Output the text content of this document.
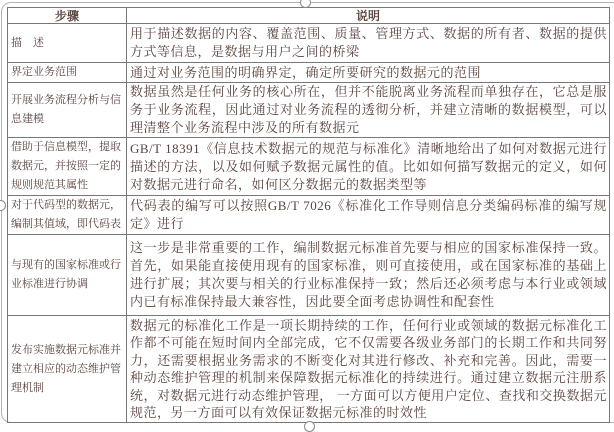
步骤	说明
描　述	用于描述数据的内容、覆盖范围、质量、管理方式、数据的所有者、数据的提供方式等信息，是数据与用户之间的桥梁
界定业务范围	通过对业务范围的明确界定，确定所要研究的数据元的范围
开展业务流程分析与信息建模	数据虽然是任何业务的核心所在，但并不能脱离业务流程而单独存在，它总是服务于业务流程，因此通过对业务流程的透彻分析，并建立清晰的数据模型，可以理清整个业务流程中涉及的所有数据元
借助于信息模型，提取数据元，并按照一定的规则规范其属性	GB/T 18391《信息技术数据元的规范与标准化》清晰地给出了如何对数据元进行描述的方法，以及如何赋予数据元属性的值。比如如何描写数据元的定义，如何对数据元进行命名，如何区分数据元的数据类型等
对于代码型的数据元，编制其值域，即代码表	代码表的编写可以按照GB/T 7026《标准化工作导则信息分类编码标准的编写规定》进行
与现有的国家标准或行业标准进行协调	这一步是非常重要的工作，编制数据元标准首先要与相应的国家标准保持一致。首先，如果能直接使用现有的国家标准，则可直接使用，或在国家标准的基础上进行扩展；其次要与相关的行业标准保持一致；然后还必须考虑与本行业或领域内已有标准保持最大兼容性，因此要全面考虑协调性和配套性
发布实施数据元标准并建立相应的动态维护管理机制	数据元的标准化工作是一项长期持续的工作，任何行业或领域的数据元标准化工作都不可能在短时间内全部完成，它不仅需要各级业务部门的长期工作和共同努力，还需要根据业务需求的不断变化对其进行修改、补充和完善。因此，需要一种动态维护管理的机制来保障数据元标准化的持续进行。通过建立数据元注册系统，对数据元进行动态维护管理， 一方面可以方便用户定位、查找和交换数据元规范，另一方面可以有效保证数据元标准的时效性
